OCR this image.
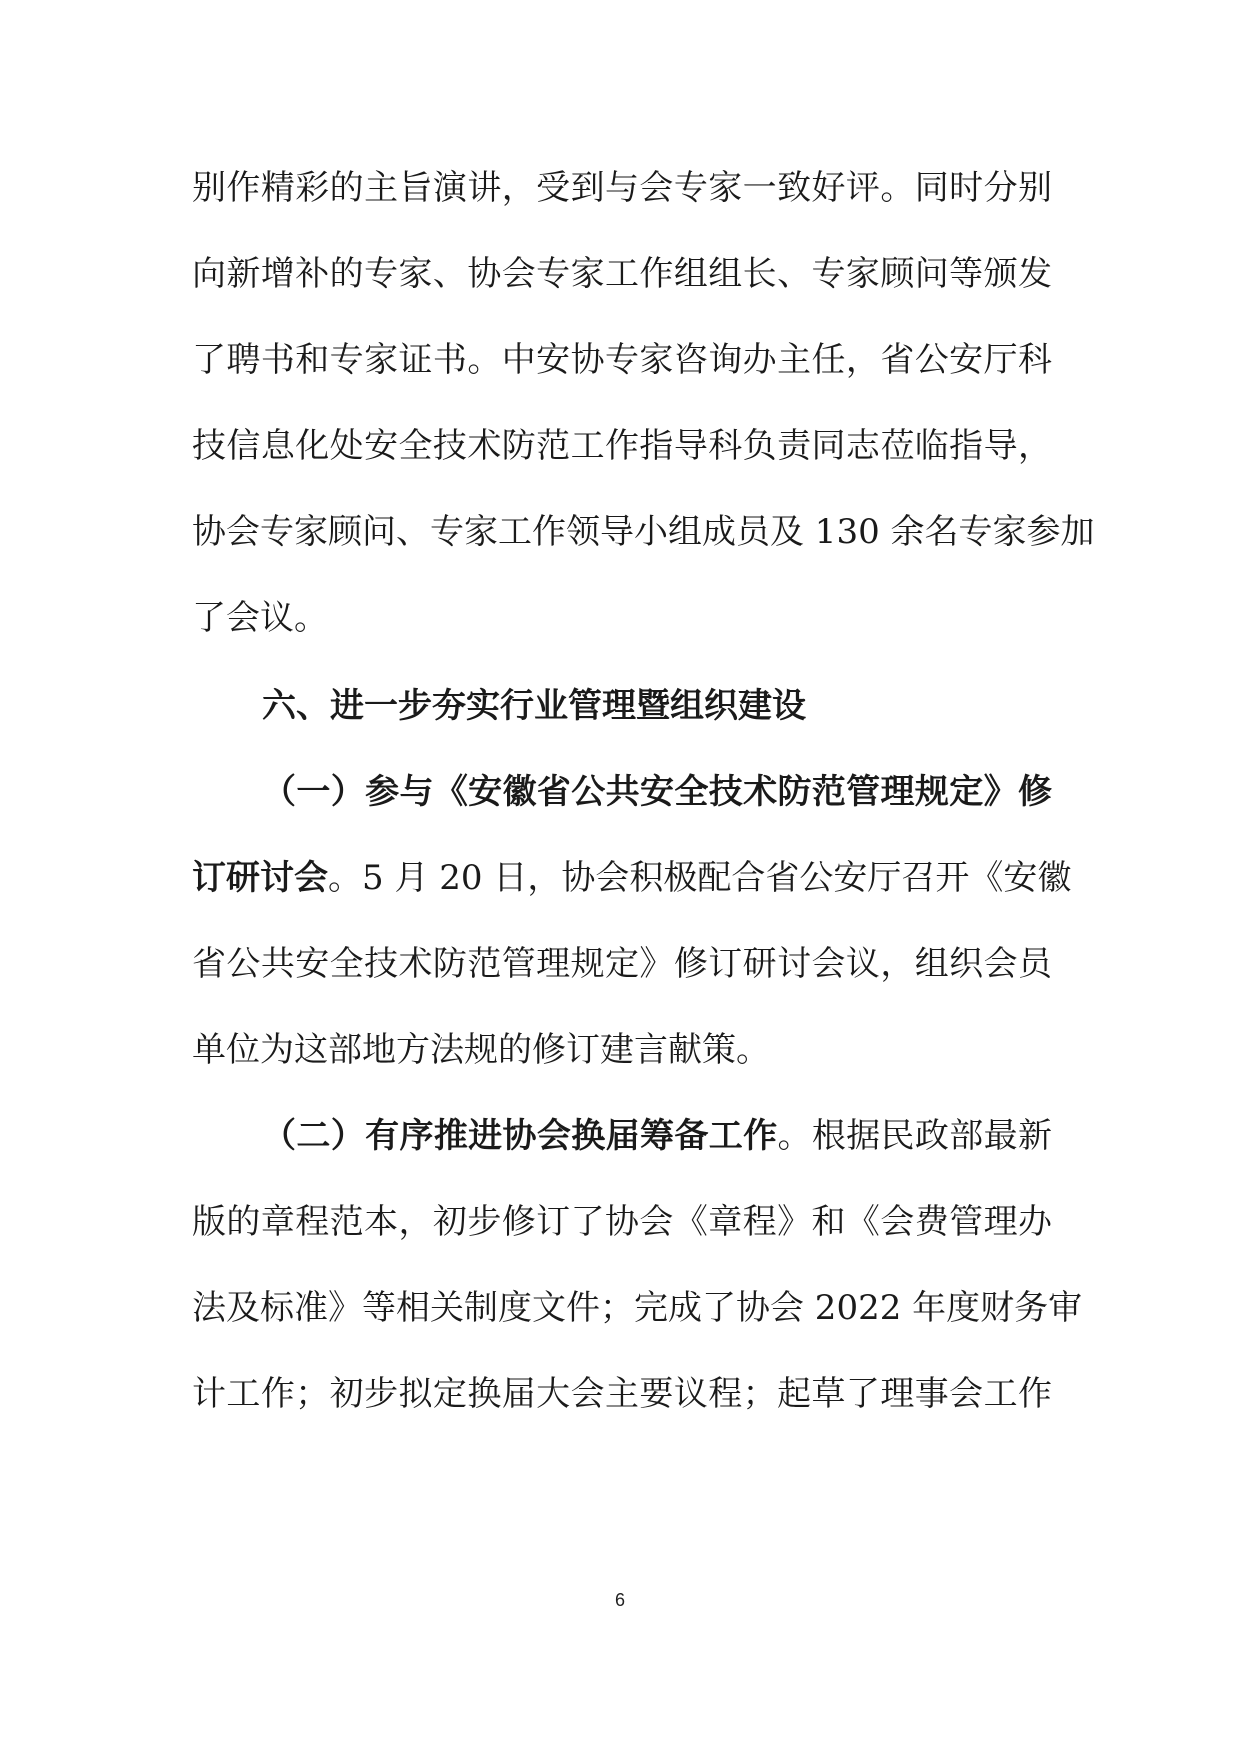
别作精彩的主旨演讲，受到与会专家一致好评。同时分别
向新增补的专家、协会专家工作组组长、专家顾问等颁发
了聘书和专家证书。中安协专家咨询办主任，省公安厅科
技信息化处安全技术防范工作指导科负责同志莅临指导，
协会专家顾问、专家工作领导小组成员及 130 余名专家参加
了会议。
六、进一步夯实行业管理暨组织建设
（一）参与《安徽省公共安全技术防范管理规定》修
订研讨会。5 月 20 日，协会积极配合省公安厅召开《安徽
省公共安全技术防范管理规定》修订研讨会议，组织会员
单位为这部地方法规的修订建言献策。
（二）有序推进协会换届筹备工作。根据民政部最新
版的章程范本，初步修订了协会《章程》和《会费管理办
法及标准》等相关制度文件；完成了协会 2022 年度财务审
计工作；初步拟定换届大会主要议程；起草了理事会工作
6
